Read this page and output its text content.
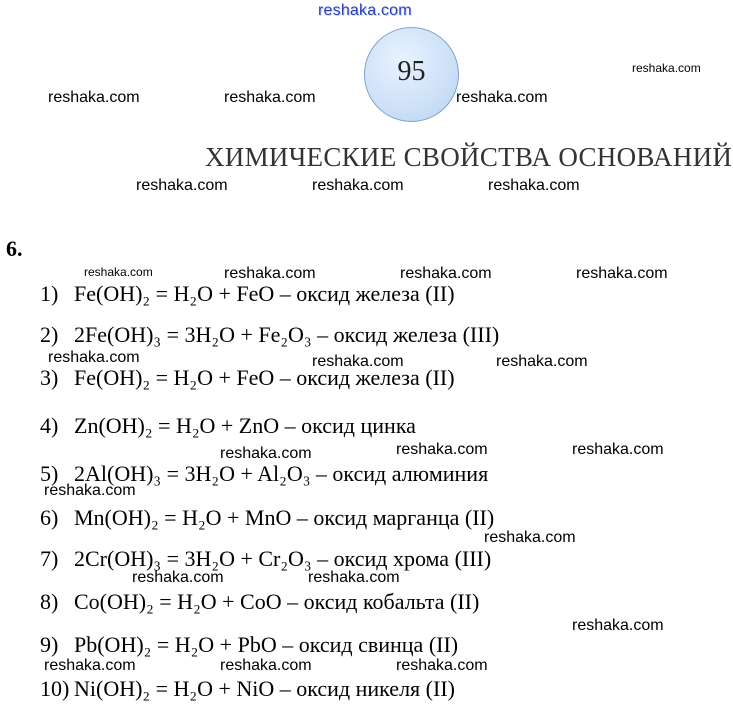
reshaka.com
95
ХИМИЧЕСКИЕ СВОЙСТВА ОСНОВАНИЙ
6.
1) Fe(OH)₂ = H₂O + FeO – оксид железа (II)
2) 2Fe(OH)₃ = 3H₂O + Fe₂O₃ – оксид железа (III)
3) Fe(OH)₂ = H₂O + FeO – оксид железа (II)
4) Zn(OH)₂ = H₂O + ZnO – оксид цинка
5) 2Al(OH)₃ = 3H₂O + Al₂O₃ – оксид алюминия
6) Mn(OH)₂ = H₂O + MnO – оксид марганца (II)
7) 2Cr(OH)₃ = 3H₂O + Cr₂O₃ – оксид хрома (III)
8) Co(OH)₂ = H₂O + CoO – оксид кобальта (II)
9) Pb(OH)₂ = H₂O + PbO – оксид свинца (II)
10) Ni(OH)₂ = H₂O + NiO – оксид никеля (II)
reshaka.com
reshaka.com	reshaka.com	reshaka.com
reshaka.com	reshaka.com	reshaka.com
reshaka.com	reshaka.com	reshaka.com	reshaka.com
reshaka.com	reshaka.com	reshaka.com
reshaka.com	reshaka.com	reshaka.com
reshaka.com
reshaka.com
reshaka.com	reshaka.com
reshaka.com
reshaka.com	reshaka.com	reshaka.com
